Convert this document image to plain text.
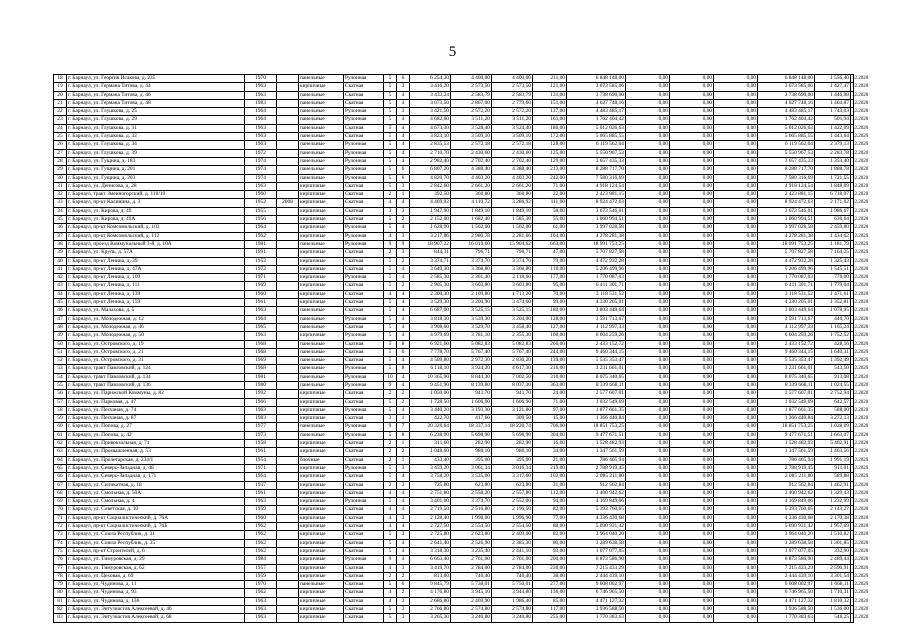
5
18	г. Барнаул, ул. Георгия Исакова, д. 235	1970		панельные	Рулонная	5	6	6 254,30	4 400,00	4 400,00	211,00	6 848 148,00	0,00	0,00	0,00	6 848 148,00	1 556,40	12.2020
19	г. Барнаул, ул. Германа Титова, д. 44	1963		кирпичные	Скатная	5	3	3 416,20	2 573,50	2 573,50	121,00	3 673 585,06	0,00	0,00	0,00	3 673 585,06	1 427,47	12.2020
20	г. Барнаул, ул. Германа Титова, д. 46	1963		панельные	Скатная	5	4	3 433,24	2 583,79	2 583,79	131,00	3 738 690,00	0,00	0,00	0,00	3 738 690,00	1 446,98	12.2020
21	г. Барнаул, ул. Германа Титова, д. 48	1983		панельные	Скатная	5	4	3 073,50	2 867,00	2 779,60	151,00	4 027 748,16	0,00	0,00	0,00	4 027 748,16	1 404,87	12.2020
22	г. Барнаул, ул. Глушкова, д. 25	1964		панельные	Рулонная	5	3	3 421,50	2 572,20	2 572,20	137,00	4 483 485,17	0,00	0,00	0,00	4 483 485,17	1 743,03	12.2020
23	г. Барнаул, ул. Глушкова, д. 29	1964		панельные	Рулонная	5	4	4 682,60	3 511,20	3 511,20	161,00	1 762 404,42	0,00	0,00	0,00	1 762 404,42	501,94	12.2020
24	г. Барнаул, ул. Глушкова, д. 31	1963		панельные	Скатная	5	4	4 673,30	3 528,40	3 524,40	180,00	5 012 026,63	0,00	0,00	0,00	5 012 026,63	1 422,09	12.2020
25	г. Барнаул, ул. Глушкова, д. 32	1963		панельные	Скатная	5	4	3 823,10	3 509,10	3 509,10	172,00	5 065 885,55	0,00	0,00	0,00	5 065 885,55	1 443,64	12.2020
26	г. Барнаул, ул. Глушкова, д. 34	1963		панельные	Рулонная	5	4	2 835,53	2 572,18	2 572,18	128,00	6 119 562,04	0,00	0,00	0,00	6 119 562,04	2 379,13	12.2020
27	г. Барнаул, ул. Глушкова, д. 39	1972		панельные	Рулонная	5	4	2 710,70	2 430,60	2 430,60	125,00	5 550 967,53	0,00	0,00	0,00	5 550 967,53	2 283,78	12.2020
28	г. Барнаул, ул. Гущина, д. 183	1974		панельные	Рулонная	5	4	2 982,40	2 702,40	2 702,40	129,00	3 657 435,33	0,00	0,00	0,00	3 657 435,33	1 353,40	12.2020
29	г. Барнаул, ул. Гущина, д. 201	1974		панельные	Рулонная	5	6	6 807,20	4 388,40	4 388,40	213,00	8 288 717,70	0,00	0,00	0,00	8 288 717,70	1 888,78	12.2020
30	г. Барнаул, ул. Гущина, д. 203	1974		панельные	Рулонная	5	6	4 820,70	4 403,20	4 403,20	242,00	7 580 316,69	0,00	0,00	0,00	7 580 316,69	1 721,55	12.2020
31	г. Барнаул, ул. Денисова, д. 28	1963		кирпичные	Скатная	5	3	2 842,60	2 661,20	2 661,20	71,00	4 918 124,54	0,00	0,00	0,00	4 918 124,54	1 848,09	12.2020
32	г. Барнаул, тракт Змеиногорский, д. 110/10	1960		кирпичные	Скатная	2	1	392,50	360,80	360,80	22,00	2 423 881,15	0,00	0,00	0,00	2 423 881,15	6 718,07	12.2020
33	г. Барнаул, пр-кт Калинина, д. 3	1952	2008	кирпичные	Скатная	4	4	4 469,92	4 110,72	3 286,92	111,00	8 924 472,63	0,00	0,00	0,00	8 924 472,63	2 171,02	12.2020
34	г. Барнаул, ул. Кирова, д. 49	1955		кирпичные	Скатная	3	3	1 947,90	1 849,10	1 849,10	58,00	3 673 546,01	0,00	0,00	0,00	3 673 546,01	1 986,67	12.2020
35	г. Барнаул, ул. Кирова, д. 49А	1956		кирпичные	Скатная	5	2	2 152,00	1 682,40	1 585,30	55,00	1 060 994,51	0,00	0,00	0,00	1 060 994,51	630,64	12.2020
36	г. Барнаул, пр-кт Комсомольский, д. 103	1964		кирпичные	Рулонная	5	4	1 628,90	1 562,00	1 562,00	61,00	3 997 028,58	0,00	0,00	0,00	3 997 028,58	2 459,80	12.2020
37	г. Барнаул, пр-кт Комсомольский, д. 112	1962		кирпичные	Рулонная	4	3	3 217,86	2 980,78	2 281,66	104,00	4 278 281,38	0,00	0,00	0,00	4 278 281,38	1 434,62	12.2020
38	г. Барнаул, проезд Коммунальный 3-й, д. 10А	1981		панельные	Рулонная	9	9	18 907,22	16 019,60	15 904,62	663,00	18 991 753,25	0,00	0,00	0,00	18 991 753,25	1 181,79	12.2020
39	г. Барнаул, ул. Крупь, д. 57А	1991		кирпичные	Скатная	2	3	844,31	796,71	796,71	47,00	5 707 827,58	0,00	0,00	0,00	5 707 827,58	7 164,25	12.2020
40	г. Барнаул, пр-кт Ленина, д. 39	1952		кирпичные	Скатная	5	2	3 374,71	3 374,70	3 374,70	79,00	4 472 932,28	0,00	0,00	0,00	4 472 932,28	1 325,43	12.2020
41	г. Барнаул, пр-кт Ленина, д. 47А	1972		кирпичные	Скатная	5	4	3 640,30	3 368,80	3 368,80	110,00	5 206 499,96	0,00	0,00	0,00	5 206 499,96	1 545,51	12.2020
42	г. Барнаул, пр-кт Ленина, д. 109	1971		кирпичные	Рулонная	5	4	2 585,30	2 301,40	2 118,60	177,00	1 770 087,03	0,00	0,00	0,00	1 770 087,03	770,00	12.2020
43	г. Барнаул, пр-кт Ленина, д. 111	1969		кирпичные	Скатная	5	2	2 905,30	3 603,80	3 603,80	95,00	6 411 301,71	0,00	0,00	0,00	6 411 301,71	1 779,04	12.2020
44	г. Барнаул, пр-кт Ленина, д. 139	1960		кирпичные	Скатная	4	4	2 300,30	2 109,80	1 713,20	70,00	3 118 531,52	0,00	0,00	0,00	3 118 531,52	1 471,61	12.2020
45	г. Барнаул, пр-кт Ленина, д. 159	1961		кирпичные	Скатная	5	4	3 529,30	3 200,90	3 474,60	99,00	4 330 205,01	0,00	0,00	0,00	4 330 205,01	1 352,81	12.2020
46	г. Барнаул, ул. Малахова, д. 5	1963		панельные	Скатная	5	4	6 687,00	3 525,15	3 525,15	180,00	3 803 449,64	0,00	0,00	0,00	3 803 449,64	1 078,95	12.2020
47	г. Барнаул, ул. Молодежная, д. 12	1964		панельные	Рулонная	5	4	3 818,30	3 539,30	3 204,00	128,00	3 591 713,67	0,00	0,00	0,00	3 591 713,67	440,70	12.2020
48	г. Барнаул, ул. Молодежная, д. 46	1965		панельные	Скатная	5	4	3 908,60	3 529,70	3 458,40	127,00	4 112 997,33	0,00	0,00	0,00	4 112 997,33	1 165,24	12.2020
49	г. Барнаул, ул. Молодежная, д. 50	1963		кирпичные	Рулонная	5	4	4 979,69	3 781,10	2 355,30	160,00	6 604 259,26	0,00	0,00	0,00	6 604 259,26	1 752,52	12.2020
50	г. Барнаул, ул. Островского, д. 19	1968		панельные	Скатная	5	8	6 921,60	5 082,83	5 082,83	266,00	2 433 152,72	0,00	0,00	0,00	2 433 152,72	428,16	12.2020
51	г. Барнаул, ул. Островского, д. 21	1968		панельные	Скатная	5	6	7 778,70	5 767,40	5 767,40	244,00	9 460 344,15	0,00	0,00	0,00	9 460 344,15	1 640,31	12.2020
52	г. Барнаул, ул. Островского, д. 31	1969		панельные	Скатная	5	4	4 509,80	2 972,30	2 830,20	139,00	5 535 353,47	0,00	0,00	0,00	5 535 353,47	1 392,49	12.2020
53	г. Барнаул, тракт Павловский, д. 124	1968		панельные	Рулонная	5	8	6 118,10	3 924,20	4 617,30	216,00	3 231 661,01	0,00	0,00	0,00	3 231 661,01	543,50	12.2020
54	г. Барнаул, тракт Павловский, д. 134	1981		панельные	Рулонная	10	4	10 365,90	8 844,30	7 002,50	310,00	8 075 340,65	0,00	0,00	0,00	8 075 340,65	913,08	12.2020
55	г. Барнаул, тракт Павловский, д. 136	1980		панельные	Рулонная	9	4	9 451,90	8 139,80	8 037,30	363,00	8 339 668,11	0,00	0,00	0,00	8 339 668,11	1 024,55	12.2020
56	г. Барнаул, ул. Парижской Коммуны, д. 82	1992		кирпичные	Скатная	2	2	1 050,00	941,70	941,70	24,00	2 577 607,01	0,00	0,00	0,00	2 577 607,01	2 752,94	12.2020
57	г. Барнаул, ул. Парковая, д. 47	1966		кирпичные	Скатная	5	2	1 728,50	1 606,90	1 606,90	71,00	1 032 549,69	0,00	0,00	0,00	1 032 549,69	642,57	12.2020
58	г. Барнаул, ул. Песчаная, д. 74	1963		кирпичные	Рулонная	5	4	3 440,20	3 193,30	3 121,80	97,00	1 877 661,35	0,00	0,00	0,00	1 877 661,35	588,00	12.2020
59	г. Барнаул, ул. Песчаная, д. 87	1983		кирпичные	Скатная	3	1	422,70	417,60	309,50	15,00	1 366 440,84	0,00	0,00	0,00	1 366 440,84	3 272,13	12.2020
60	г. Барнаул, ул. Попова, д. 27	1977		панельные	Рулонная	9	7	20 320,64	18 337,14	18 220,74	706,00	18 851 753,25	0,00	0,00	0,00	18 851 753,25	1 028,09	12.2020
61	г. Барнаул, ул. Попова, д. 42	1973		панельные	Рулонная	5	8	6 238,90	5 698,90	5 698,90	304,00	9 477 671,51	0,00	0,00	0,00	9 477 671,51	1 663,07	12.2020
62	г. Барнаул, ул. Привокзальная, д. 71	1958		кирпичные	Скатная	2	1	311,60	282,90	282,90	16,00	1 528 482,93	0,00	0,00	0,00	1 528 482,93	5 402,91	12.2020
63	г. Барнаул, ул. Промышленная, д. 53	1961		кирпичные	Скатная	2	2	1 048,60	980,10	980,10	34,00	1 347 561,59	0,00	0,00	0,00	1 347 561,59	1 403,56	12.2020
64	г. Барнаул, ул. Пролетарская, д. 234/1	1954		блочные	Скатная	2	1	433,40	395,00	395,00	21,00	786 405,94	0,00	0,00	0,00	786 405,94	1 991,19	12.2020
65	г. Барнаул, ул. Северо-Западная, д. 48	1971		кирпичные	Рулонная	5	3	3 459,20	3 061,34	3 016,34	219,00	2 788 919,45	0,00	0,00	0,00	2 788 919,45	911,01	12.2020
66	г. Барнаул, ул. Северо-Западная, д. 171	1964		кирпичные	Скатная	5	4	3 758,20	3 535,00	3 317,60	102,00	2 085 211,80	0,00	0,00	0,00	2 085 211,80	589,88	12.2020
67	г. Барнаул, ул. Силикатная, д. 18	1937		кирпичные	Скатная	2	3	725,80	623,80	623,80	31,00	912 562,84	0,00	0,00	0,00	912 562,84	1 462,91	12.2020
68	г. Барнаул, ул. Смольная, д. 50А	1961		кирпичные	Скатная	4	4	2 751,80	2 558,20	2 557,80	112,00	3 400 942,62	0,00	0,00	0,00	3 400 942,62	1 329,43	12.2020
69	г. Барнаул, ул. Смольная, д. 4	1963		кирпичные	Рулонная	5	4	3 401,00	3 374,70	2 552,00	94,00	4 169 849,06	0,00	0,00	0,00	4 169 849,06	1 232,99	12.2020
70	г. Барнаул, ул. Советская, д. 10	1959		кирпичные	Скатная	4	4	2 719,50	2 516,80	2 196,50	82,00	5 393 760,65	0,00	0,00	0,00	5 393 760,65	2 143,27	12.2020
71	г. Барнаул, пр-кт Социалистический, д. 76А	1960		кирпичные	Скатная	4	3	2 128,40	1 998,00	1 996,90	77,00	4 336 430,68	0,00	0,00	0,00	4 336 430,68	2 170,38	12.2020
72	г. Барнаул, пр-кт Социалистический, д. 76Б	1962		кирпичные	Скатная	4	4	2 727,50	2 554,50	2 554,50	88,00	5 090 931,42	0,00	0,00	0,00	5 090 931,42	1 957,69	12.2020
73	г. Барнаул, ул. Союза Республик, д. 31	1962		кирпичные	Скатная	5	3	2 725,80	2 623,80	2 409,00	82,00	3 964 040,20	0,00	0,00	0,00	3 964 040,20	1 510,82	12.2020
74	г. Барнаул, ул. Союза Республик, д. 35	1962		кирпичные	Скатная	5	4	2 641,40	2 526,90	2 385,30	80,00	3 289 638,58	0,00	0,00	0,00	3 289 638,58	1 301,85	12.2020
75	г. Барнаул, пр-кт Строителей, д. 6	1962		кирпичные	Скатная	5	4	3 318,30	3 235,40	2 441,10	93,00	1 077 077,05	0,00	0,00	0,00	1 077 077,05	332,90	12.2020
76	г. Барнаул, ул. Тимуровская, д. 29	1984		кирпичные	Рулонная	9	4	6 663,40	2 761,00	2 761,00	200,00	6 873 586,90	0,00	0,00	0,00	6 873 586,90	2 489,44	12.2020
77	г. Барнаул, ул. Тимуровская, д. 62	1957		кирпичные	Скатная	4	3	3 419,70	2 784,00	2 784,00	230,00	7 215 433,29	0,00	0,00	0,00	7 215 433,29	2 590,91	12.2020
78	г. Барнаул, ул. Цеховая, д. 69	1959		кирпичные	Скатная	2	2	813,00	740,40	740,40	38,00	2 444 439,10	0,00	0,00	0,00	2 444 439,10	3 301,54	12.2020
79	г. Барнаул, ул. Чудинова, д. 11	1970		панельные	Скатная	5	6	9 845,79	5 738,01	5 750,01	277,00	9 608 002,97	0,00	0,00	0,00	9 608 002,97	1 668,11	12.2020
80	г. Барнаул, ул. Чудинова, д. 93	1962		кирпичные	Скатная	4	2	4 176,80	3 945,10	3 944,80	136,00	6 746 965,50	0,00	0,00	0,00	6 746 965,50	1 710,31	12.2020
81	г. Барнаул, ул. Чудинова, д. 136	1963		кирпичные	Скатная	4	3	2 686,80	2 469,90	1 986,40	85,00	4 471 127,32	0,00	0,00	0,00	4 471 127,32	1 810,32	12.2020
82	г. Барнаул, ул. Энтузиастов Алексеевой, д. 46	1963		кирпичные	Скатная	5	3	2 766,80	2 574,80	2 574,80	117,00	3 936 588,50	0,00	0,00	0,00	3 936 588,50	1 536,00	12.2020
83	г. Барнаул, ул. Энтузиастов Алексеевой, д. 68	1963		кирпичные	Скатная	5	3	3 265,30	3 240,80	3 240,80	255,00	1 770 383,63	0,00	0,00	0,00	1 770 383,63	546,25	12.2020
